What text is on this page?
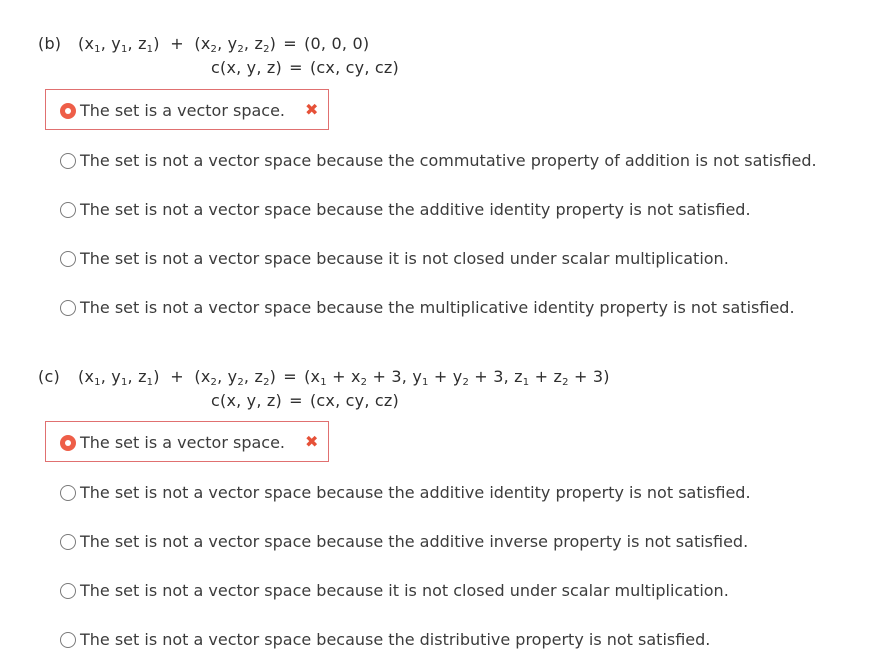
(b) ($x_1$, $y_1$, $z_1) + (x_2$, $y_2$, $z_2) = (0$, 0, 0)
c(x, y, z) = (cx, cy, cz)
The set is a vector space. ✖
The set is not a vector space because the commutative property of addition is not satisfied.
The set is not a vector space because the additive identity property is not satisfied.
The set is not a vector space because it is not closed under scalar multiplication.
The set is not a vector space because the multiplicative identity property is not satisfied.
(c) ($x_1$, $y_1$, $z_1) + (x_2$, $y_2$, $z_2) = (x_1 + x_2 + 3$, $y_1 + y_2 + 3$, $z_1 + z_2 + 3$)
c(x, y, z) = (cx, cy, cz)
The set is a vector space. ✖
The set is not a vector space because the additive identity property is not satisfied.
The set is not a vector space because the additive inverse property is not satisfied.
The set is not a vector space because it is not closed under scalar multiplication.
The set is not a vector space because the distributive property is not satisfied.
